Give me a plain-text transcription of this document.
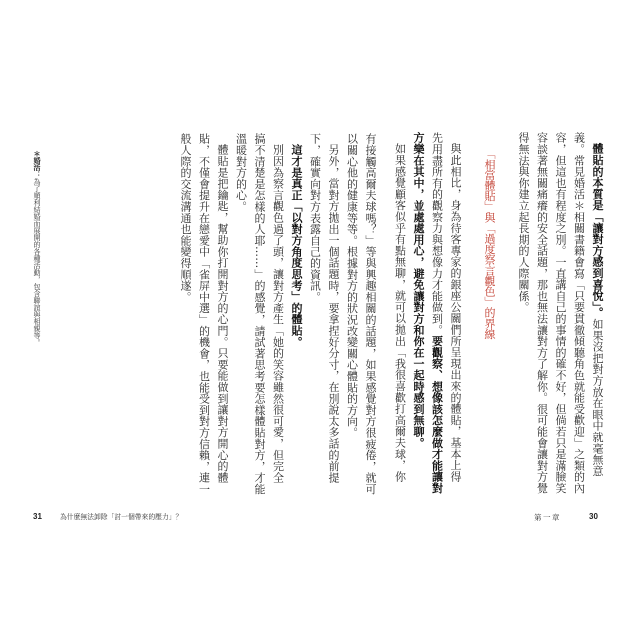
體貼的本質是「讓對方感到喜悅」。如果沒把對方放在眼中就毫無意
義。常見婚活＊相關書籍會寫「只要貫徹傾聽角色就能受歡迎」之類的內
容，但這也有程度之別。一直講自己的事情的確不好，但倘若只是滿臉笑
容談著無關痛癢的安全話題，那也無法讓對方了解你。很可能會讓對方覺
得無法與你建立起長期的人際關係。
「相當體貼」與「過度察言觀色」的界線
與此相比，身為待客專家的銀座公關們所呈現出來的體貼，基本上得
先用盡所有的觀察力與想像力才能做到。要觀察、想像該怎麼做才能讓對
方樂在其中，並處處用心，避免讓對方和你在一起時感到無聊。
如果感覺顧客似乎有點無聊，就可以拋出「我很喜歡打高爾夫球，你
第一章	30
有接觸高爾夫球嗎？」等與興趣相關的話題，如果感覺對方很疲倦，就可
以關心他的健康等等。根據對方的狀況改變關心體貼的方向。
另外，當對方拋出一個話題時，要拿捏好分寸，在別說太多話的前提
下，確實向對方表露自己的資訊。
這才是真正「以對方角度思考」的體貼。
別因為察言觀色過了頭，讓對方產生「她的笑容雖然很可愛，但完全
搞不清楚是怎樣的人耶……」的感覺，請試著思考要怎樣體貼對方，才能
溫暖對方的心。
體貼是把鑰匙，幫助你打開對方的心門。只要能做到讓對方開心的體
貼，不僅會提升在戀愛中「雀屏中選」的機會，也能受到對方信賴，連一
般人際的交流溝通也能變得順遂。
＊婚活：為了順利結婚而展開的各種活動，包含聯誼與相親等。
31	為什麼無法卸除「討一個帶來的壓力」？
